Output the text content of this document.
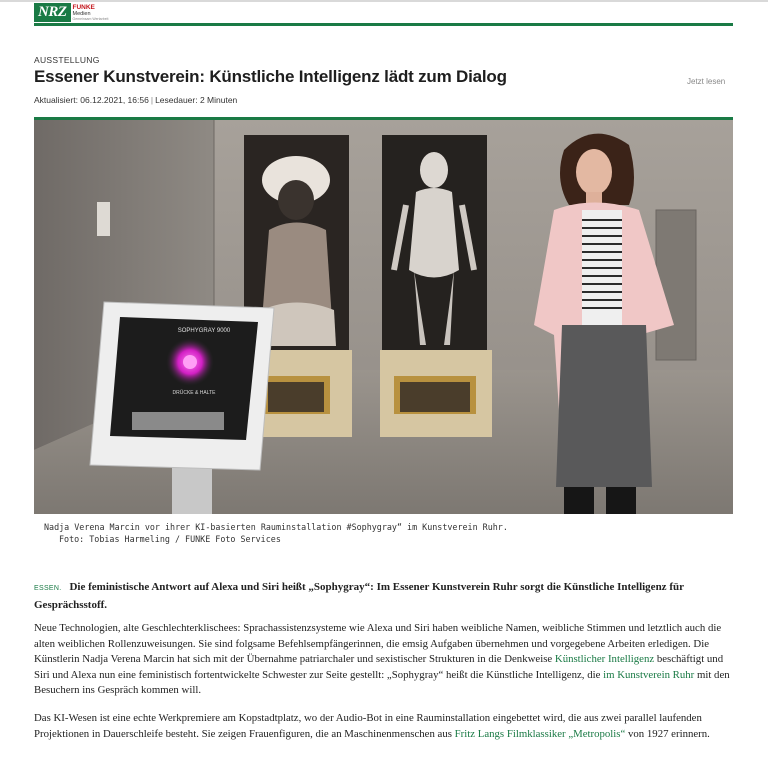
NRZ FUNKE
Medien
Gemeinsam Wertarbeit
AUSSTELLUNG
Essener Kunstverein: Künstliche Intelligenz lädt zum Dialog	Jetzt lesen
Aktualisiert: 06.12.2021, 16:56 | Lesedauer: 2 Minuten
SOPHYGRAY 9000
DRÜCKE & HALTE
Nadja Verena Marcin vor ihrer KI-basierten Rauminstallation #Sophygray“ im Kunstverein Ruhr.
Foto: Tobias Harmeling / FUNKE Foto Services
ESSEN. Die feministische Antwort auf Alexa und Siri heißt „Sophygray“: Im Essener Kunstverein Ruhr sorgt die Künstliche Intelligenz für Gesprächsstoff.

Neue Technologien, alte Geschlechterklischees: Sprachassistenzsysteme wie Alexa und Siri haben weibliche Namen, weibliche Stimmen und letztlich auch die alten weiblichen Rollenzuweisungen. Sie sind folgsame Befehlsempfängerinnen, die emsig Aufgaben übernehmen und vorgegebene Arbeiten erledigen. Die Künstlerin Nadja Verena Marcin hat sich mit der Übernahme patriarchaler und sexistischer Strukturen in die Denkweise Künstlicher Intelligenz beschäftigt und Siri und Alexa nun eine feministisch fortentwickelte Schwester zur Seite gestellt: „Sophygray“ heißt die Künstliche Intelligenz, die im Kunstverein Ruhr mit den Besuchern ins Gespräch kommen will.

Das KI-Wesen ist eine echte Werkpremiere am Kopstadtplatz, wo der Audio-Bot in eine Rauminstallation eingebettet wird, die aus zwei parallel laufenden Projektionen in Dauerschleife besteht. Sie zeigen Frauenfiguren, die an Maschinenmenschen aus Fritz Langs Filmklassiker „Metropolis“ von 1927 erinnern.
